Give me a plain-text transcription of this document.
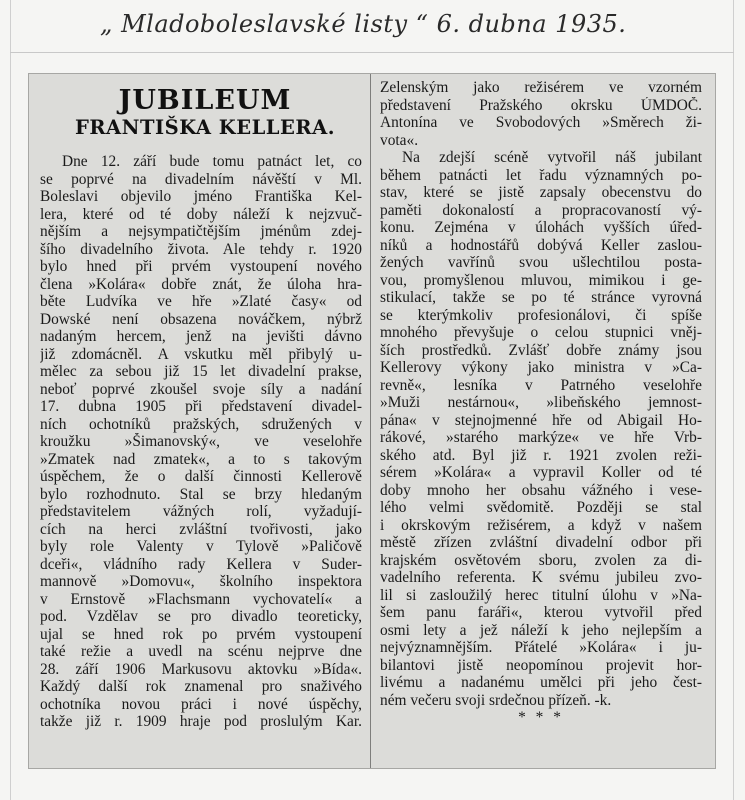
„ Mladoboleslavské listy “ 6. dubna 1935.
JUBILEUM
FRANTIŠKA KELLERA.
Dne 12. září bude tomu patnáct let, co
se poprvé na divadelním návěští v Ml.
Boleslavi objevilo jméno Františka Kel-
lera, které od té doby náleží k nejzvuč-
nějším a nejsympatičtějším jménům zdej-
šího divadelního života. Ale tehdy r. 1920
bylo hned při prvém vystoupení nového
člena »Kolára« dobře znát, že úloha hra-
běte Ludvíka ve hře »Zlaté časy« od
Dowské není obsazena nováčkem, nýbrž
nadaným hercem, jenž na jevišti dávno
již zdomácněl. A vskutku měl přibylý u-
mělec za sebou již 15 let divadelní prakse,
neboť poprvé zkoušel svoje síly a nadání
17. dubna 1905 při představení divadel-
ních ochotníků pražských, sdružených v
kroužku »Šimanovský«, ve veselohře
»Zmatek nad zmatek«, a to s takovým
úspěchem, že o další činnosti Kellerově
bylo rozhodnuto. Stal se brzy hledaným
představitelem vážných rolí, vyžadují-
cích na herci zvláštní tvořivosti, jako
byly role Valenty v Tylově »Paličově
dceři«, vládního rady Kellera v Suder-
mannově »Domovu«, školního inspektora
v Ernstově »Flachsmann vychovatelí« a
pod. Vzdělav se pro divadlo teoreticky,
ujal se hned rok po prvém vystoupení
také režie a uvedl na scénu nejprve dne
28. září 1906 Markusovu aktovku »Bída«.
Každý další rok znamenal pro snaživého
ochotníka novou práci i nové úspěchy,
takže již r. 1909 hraje pod proslulým Kar.
Zelenským jako režisérem ve vzorném
představení Pražského okrsku ÚMDOČ.
Antonína ve Svobodových »Směrech ži-
vota«.
Na zdejší scéně vytvořil náš jubilant
během patnácti let řadu významných po-
stav, které se jistě zapsaly obecenstvu do
paměti dokonalostí a propracovaností vý-
konu. Zejména v úlohách vyšších úřed-
níků a hodnostářů dobývá Keller zaslou-
žených vavřínů svou ušlechtilou posta-
vou, promyšlenou mluvou, mimikou i ge-
stikulací, takže se po té stránce vyrovná
se kterýmkoliv profesionálovi, či spíše
mnohého převyšuje o celou stupnici vněj-
ších prostředků. Zvlášť dobře známy jsou
Kellerovy výkony jako ministra v »Ca-
revně«, lesníka v Patrného veselohře
»Muži nestárnou«, »libeňského jemnost-
pána« v stejnojmenné hře od Abigail Ho-
rákové, »starého markýze« ve hře Vrb-
ského atd. Byl již r. 1921 zvolen reži-
sérem »Kolára« a vypravil Koller od té
doby mnoho her obsahu vážného i vese-
lého velmi svědomitě. Později se stal
i okrskovým režisérem, a když v našem
městě zřízen zvláštní divadelní odbor při
krajském osvětovém sboru, zvolen za di-
vadelního referenta. K svému jubileu zvo-
lil si zasloužilý herec titulní úlohu v »Na-
šem panu faráři«, kterou vytvořil před
osmi lety a jež náleží k jeho nejlepším a
nejvýznamnějším. Přátelé »Kolára« i ju-
bilantovi jistě neopomínou projevit hor-
livému a nadanému umělci při jeho čest-
ném večeru svoji srdečnou přízeň. -k.
* * *
